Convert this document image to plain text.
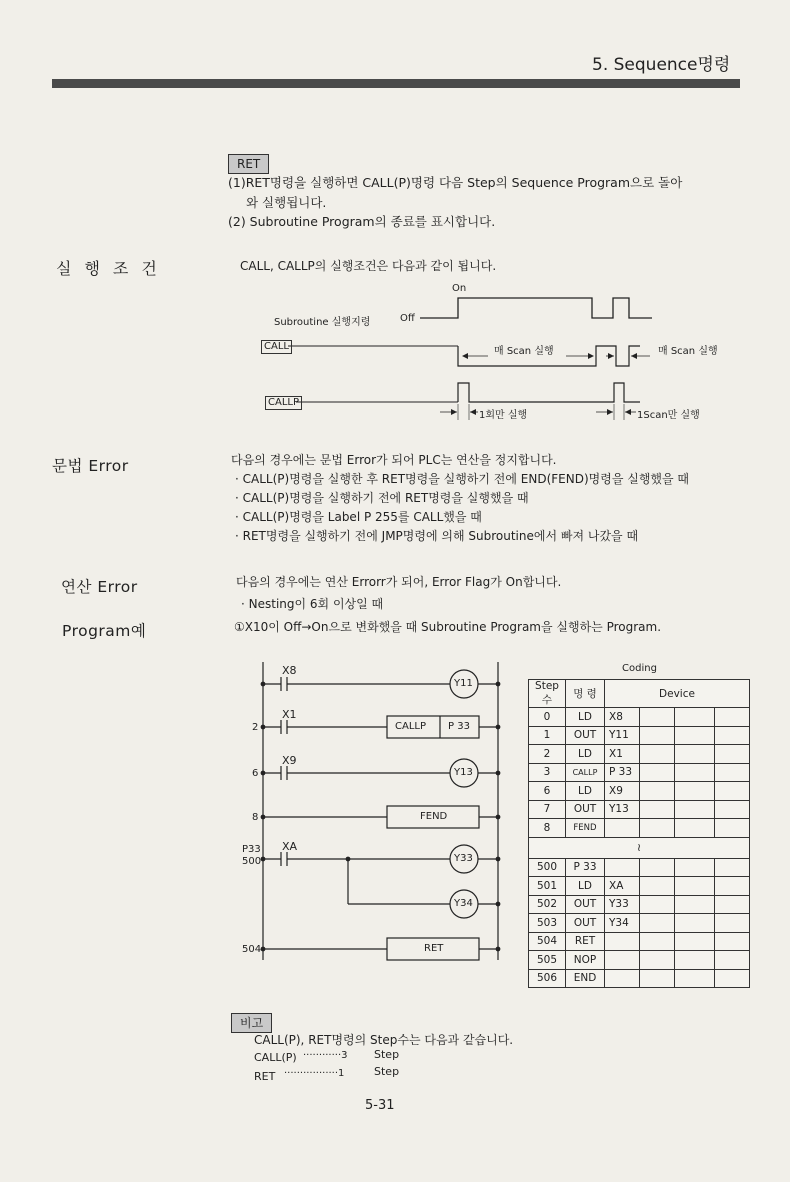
5. Sequence명령
RET
(1)RET명령을 실행하면 CALL(P)명령 다음 Step의 Sequence Program으로 돌아
와 실행됩니다.
(2) Subroutine Program의 종료를 표시합니다.
실행조건	CALL, CALLP의 실행조건은 다음과 같이 됩니다.
On
Off
Subroutine 실행지령
CALL
CALLP
매 Scan 실행	매 Scan 실행
1회만 실행	1Scan만 실행
문법 Error	다음의 경우에는 문법 Error가 되어 PLC는 연산을 정지합니다.
· CALL(P)명령을 실행한 후 RET명령을 실행하기 전에 END(FEND)명령을 실행했을 때
· CALL(P)명령을 실행하기 전에 RET명령을 실행했을 때
· CALL(P)명령을 Label P 255를 CALL했을 때
· RET명령을 실행하기 전에 JMP명령에 의해 Subroutine에서 빠져 나갔을 때
연산 Error	다음의 경우에는 연산 Errorr가 되어, Error Flag가 On합니다.
· Nesting이 6회 이상일 때
Program예	①X10이 Off→On으로 변화했을 때 Subroutine Program을 실행하는 Program.
X8
X1
X9
XA
Y11
Y13
Y33
Y34
2
6
8
P33
500
504
CALLP P 33
FEND
RET
Coding
Step수	명 령	Device			
0	LD	X8			
1	OUT	Y11			
2	LD	X1			
3	CALLP	P 33			
6	LD	X9			
7	OUT	Y13			
8	FEND				
≀					
500	P 33				
501	LD	XA			
502	OUT	Y33			
503	OUT	Y34			
504	RET				
505	NOP				
506	END				
비고
CALL(P), RET명령의 Step수는 다음과 같습니다.
CALL(P) ············3 Step
RET ·················1	Step
5-31
